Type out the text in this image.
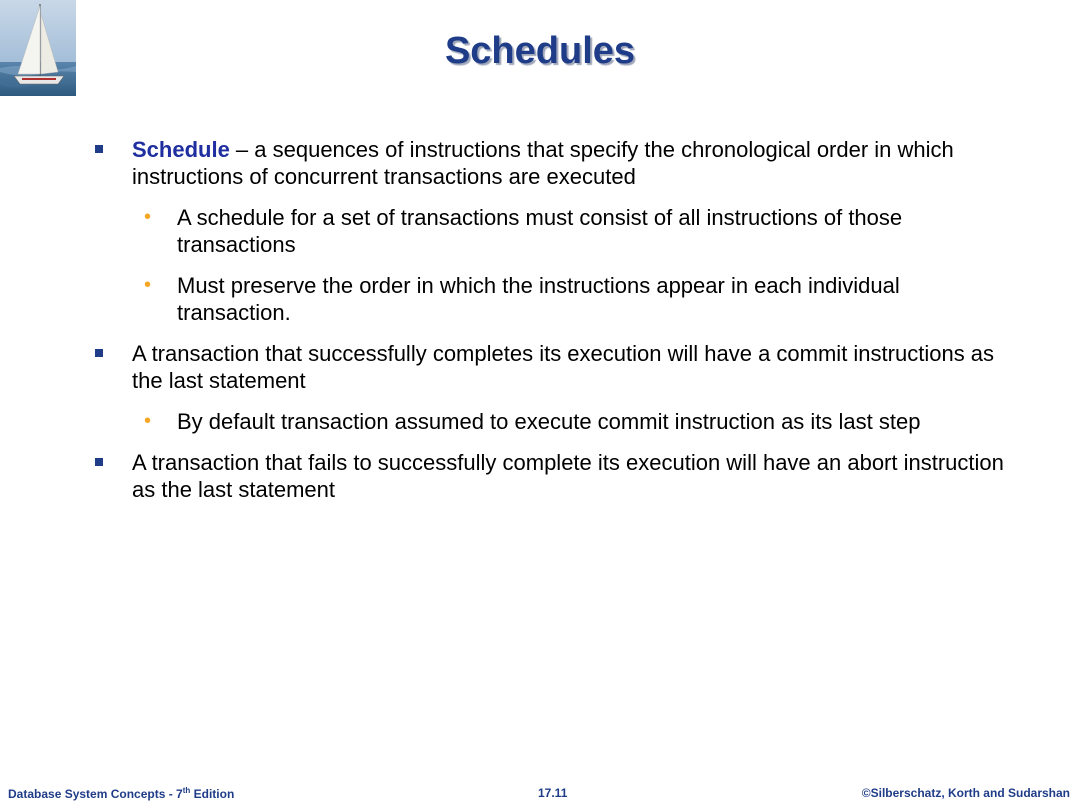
Schedules
Schedule – a sequences of instructions that specify the chronological order in which instructions of concurrent transactions are executed
• A schedule for a set of transactions must consist of all instructions of those transactions
• Must preserve the order in which the instructions appear in each individual transaction.
A transaction that successfully completes its execution will have a commit instructions as the last statement
• By default transaction assumed to execute commit instruction as its last step
A transaction that fails to successfully complete its execution will have an abort instruction as the last statement
Database System Concepts - 7th Edition	17.11	©Silberschatz, Korth and Sudarshan
